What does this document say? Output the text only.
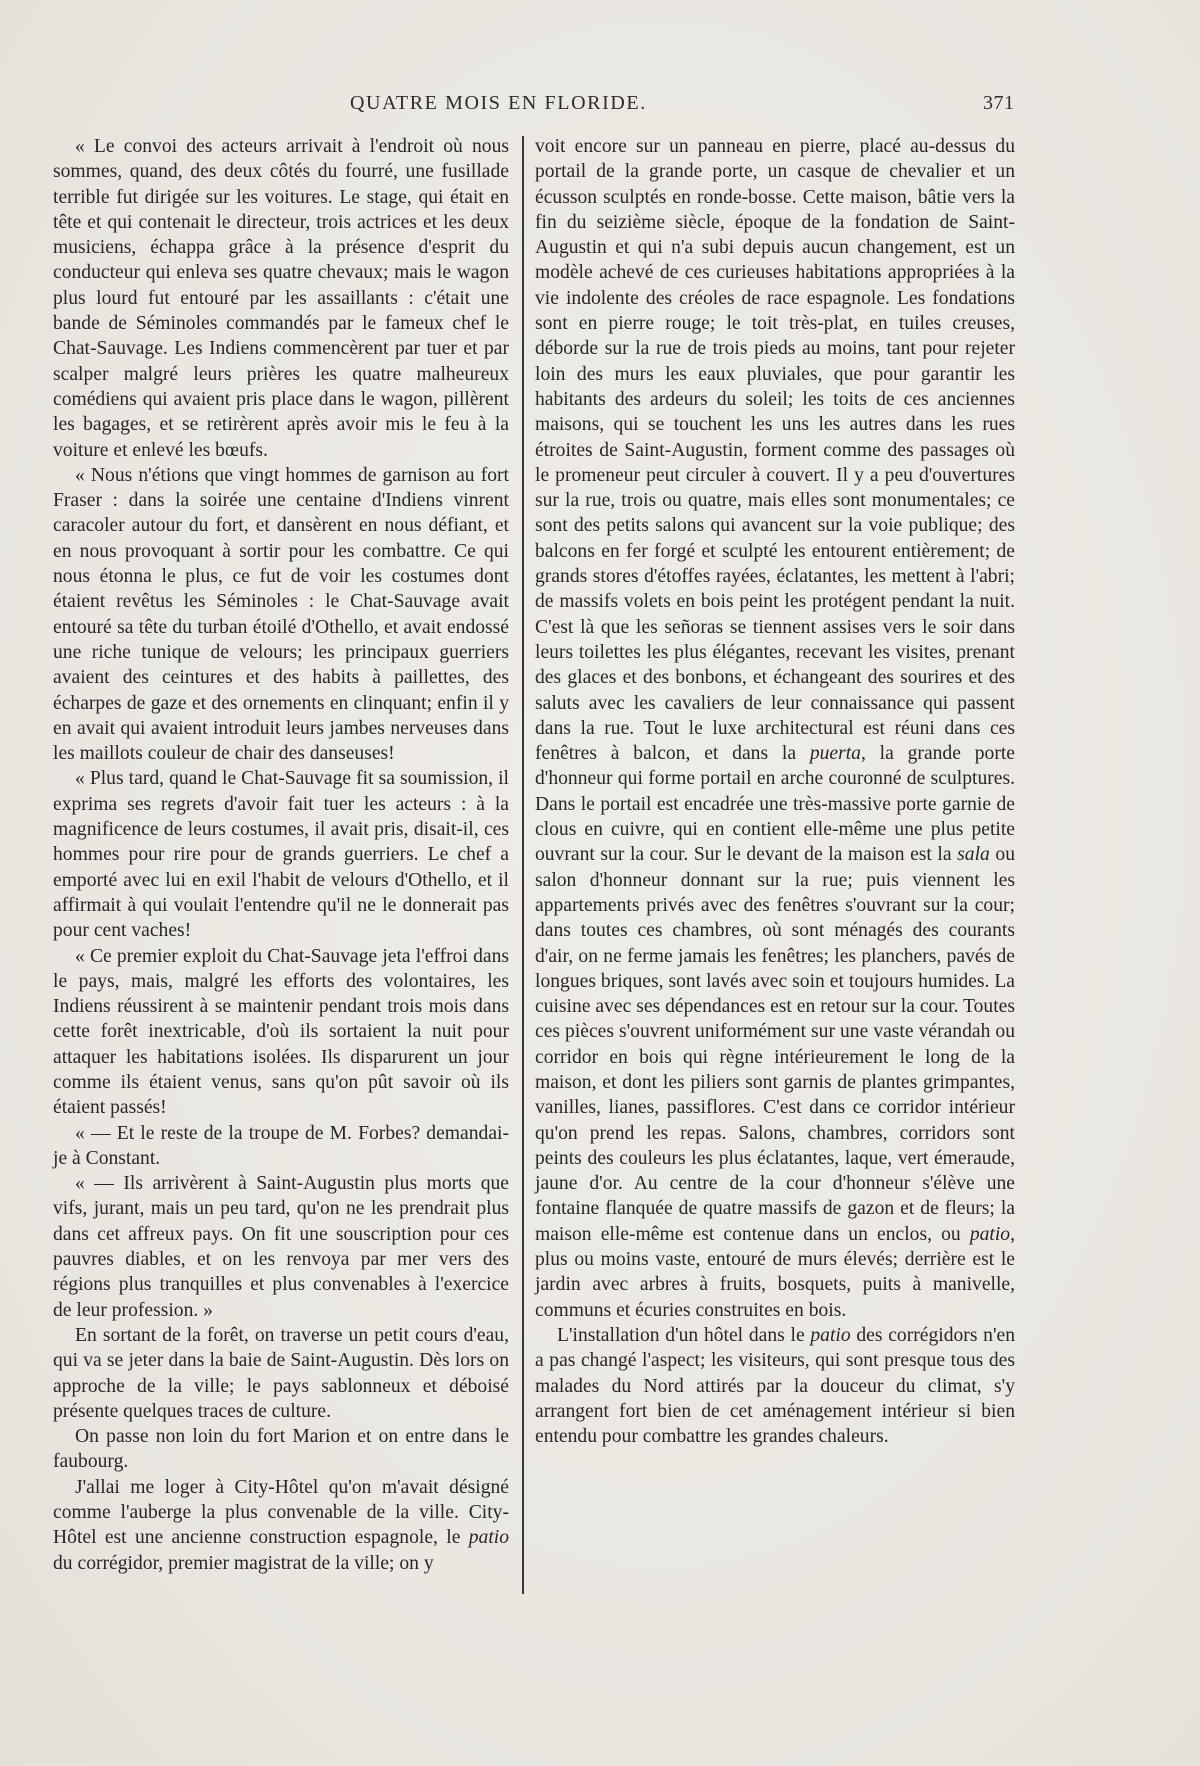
QUATRE MOIS EN FLORIDE.	371

« Le convoi des acteurs arrivait à l'endroit où nous sommes, quand, des deux côtés du fourré, une fusillade terrible fut dirigée sur les voitures. Le stage, qui était en tête et qui contenait le directeur, trois actrices et les deux musiciens, échappa grâce à la présence d'esprit du conducteur qui enleva ses quatre chevaux; mais le wagon plus lourd fut entouré par les assaillants : c'était une bande de Séminoles commandés par le fameux chef le Chat-Sauvage. Les Indiens commencèrent par tuer et par scalper malgré leurs prières les quatre malheureux comédiens qui avaient pris place dans le wagon, pillèrent les bagages, et se retirèrent après avoir mis le feu à la voiture et enlevé les bœufs.

« Nous n'étions que vingt hommes de garnison au fort Fraser : dans la soirée une centaine d'Indiens vinrent caracoler autour du fort, et dansèrent en nous défiant, et en nous provoquant à sortir pour les combattre. Ce qui nous étonna le plus, ce fut de voir les costumes dont étaient revêtus les Séminoles : le Chat-Sauvage avait entouré sa tête du turban étoilé d'Othello, et avait endossé une riche tunique de velours; les principaux guerriers avaient des ceintures et des habits à paillettes, des écharpes de gaze et des ornements en clinquant; enfin il y en avait qui avaient introduit leurs jambes nerveuses dans les maillots couleur de chair des danseuses!

« Plus tard, quand le Chat-Sauvage fit sa soumission, il exprima ses regrets d'avoir fait tuer les acteurs : à la magnificence de leurs costumes, il avait pris, disait-il, ces hommes pour rire pour de grands guerriers. Le chef a emporté avec lui en exil l'habit de velours d'Othello, et il affirmait à qui voulait l'entendre qu'il ne le donnerait pas pour cent vaches!

« Ce premier exploit du Chat-Sauvage jeta l'effroi dans le pays, mais, malgré les efforts des volontaires, les Indiens réussirent à se maintenir pendant trois mois dans cette forêt inextricable, d'où ils sortaient la nuit pour attaquer les habitations isolées. Ils disparurent un jour comme ils étaient venus, sans qu'on pût savoir où ils étaient passés!

« — Et le reste de la troupe de M. Forbes? demandai-je à Constant.

« — Ils arrivèrent à Saint-Augustin plus morts que vifs, jurant, mais un peu tard, qu'on ne les prendrait plus dans cet affreux pays. On fit une souscription pour ces pauvres diables, et on les renvoya par mer vers des régions plus tranquilles et plus convenables à l'exercice de leur profession. »

En sortant de la forêt, on traverse un petit cours d'eau, qui va se jeter dans la baie de Saint-Augustin. Dès lors on approche de la ville; le pays sablonneux et déboisé présente quelques traces de culture.

On passe non loin du fort Marion et on entre dans le faubourg.

J'allai me loger à City-Hôtel qu'on m'avait désigné comme l'auberge la plus convenable de la ville. City-Hôtel est une ancienne construction espagnole, le patio du corrégidor, premier magistrat de la ville; on y

voit encore sur un panneau en pierre, placé au-dessus du portail de la grande porte, un casque de chevalier et un écusson sculptés en ronde-bosse. Cette maison, bâtie vers la fin du seizième siècle, époque de la fondation de Saint-Augustin et qui n'a subi depuis aucun changement, est un modèle achevé de ces curieuses habitations appropriées à la vie indolente des créoles de race espagnole. Les fondations sont en pierre rouge; le toit très-plat, en tuiles creuses, déborde sur la rue de trois pieds au moins, tant pour rejeter loin des murs les eaux pluviales, que pour garantir les habitants des ardeurs du soleil; les toits de ces anciennes maisons, qui se touchent les uns les autres dans les rues étroites de Saint-Augustin, forment comme des passages où le promeneur peut circuler à couvert. Il y a peu d'ouvertures sur la rue, trois ou quatre, mais elles sont monumentales; ce sont des petits salons qui avancent sur la voie publique; des balcons en fer forgé et sculpté les entourent entièrement; de grands stores d'étoffes rayées, éclatantes, les mettent à l'abri; de massifs volets en bois peint les protégent pendant la nuit. C'est là que les señoras se tiennent assises vers le soir dans leurs toilettes les plus élégantes, recevant les visites, prenant des glaces et des bonbons, et échangeant des sourires et des saluts avec les cavaliers de leur connaissance qui passent dans la rue. Tout le luxe architectural est réuni dans ces fenêtres à balcon, et dans la puerta, la grande porte d'honneur qui forme portail en arche couronné de sculptures. Dans le portail est encadrée une très-massive porte garnie de clous en cuivre, qui en contient elle-même une plus petite ouvrant sur la cour. Sur le devant de la maison est la sala ou salon d'honneur donnant sur la rue; puis viennent les appartements privés avec des fenêtres s'ouvrant sur la cour; dans toutes ces chambres, où sont ménagés des courants d'air, on ne ferme jamais les fenêtres; les planchers, pavés de longues briques, sont lavés avec soin et toujours humides. La cuisine avec ses dépendances est en retour sur la cour. Toutes ces pièces s'ouvrent uniformément sur une vaste vérandah ou corridor en bois qui règne intérieurement le long de la maison, et dont les piliers sont garnis de plantes grimpantes, vanilles, lianes, passiflores. C'est dans ce corridor intérieur qu'on prend les repas. Salons, chambres, corridors sont peints des couleurs les plus éclatantes, laque, vert émeraude, jaune d'or. Au centre de la cour d'honneur s'élève une fontaine flanquée de quatre massifs de gazon et de fleurs; la maison elle-même est contenue dans un enclos, ou patio, plus ou moins vaste, entouré de murs élevés; derrière est le jardin avec arbres à fruits, bosquets, puits à manivelle, communs et écuries construites en bois.

L'installation d'un hôtel dans le patio des corrégidors n'en a pas changé l'aspect; les visiteurs, qui sont presque tous des malades du Nord attirés par la douceur du climat, s'y arrangent fort bien de cet aménagement intérieur si bien entendu pour combattre les grandes chaleurs.
